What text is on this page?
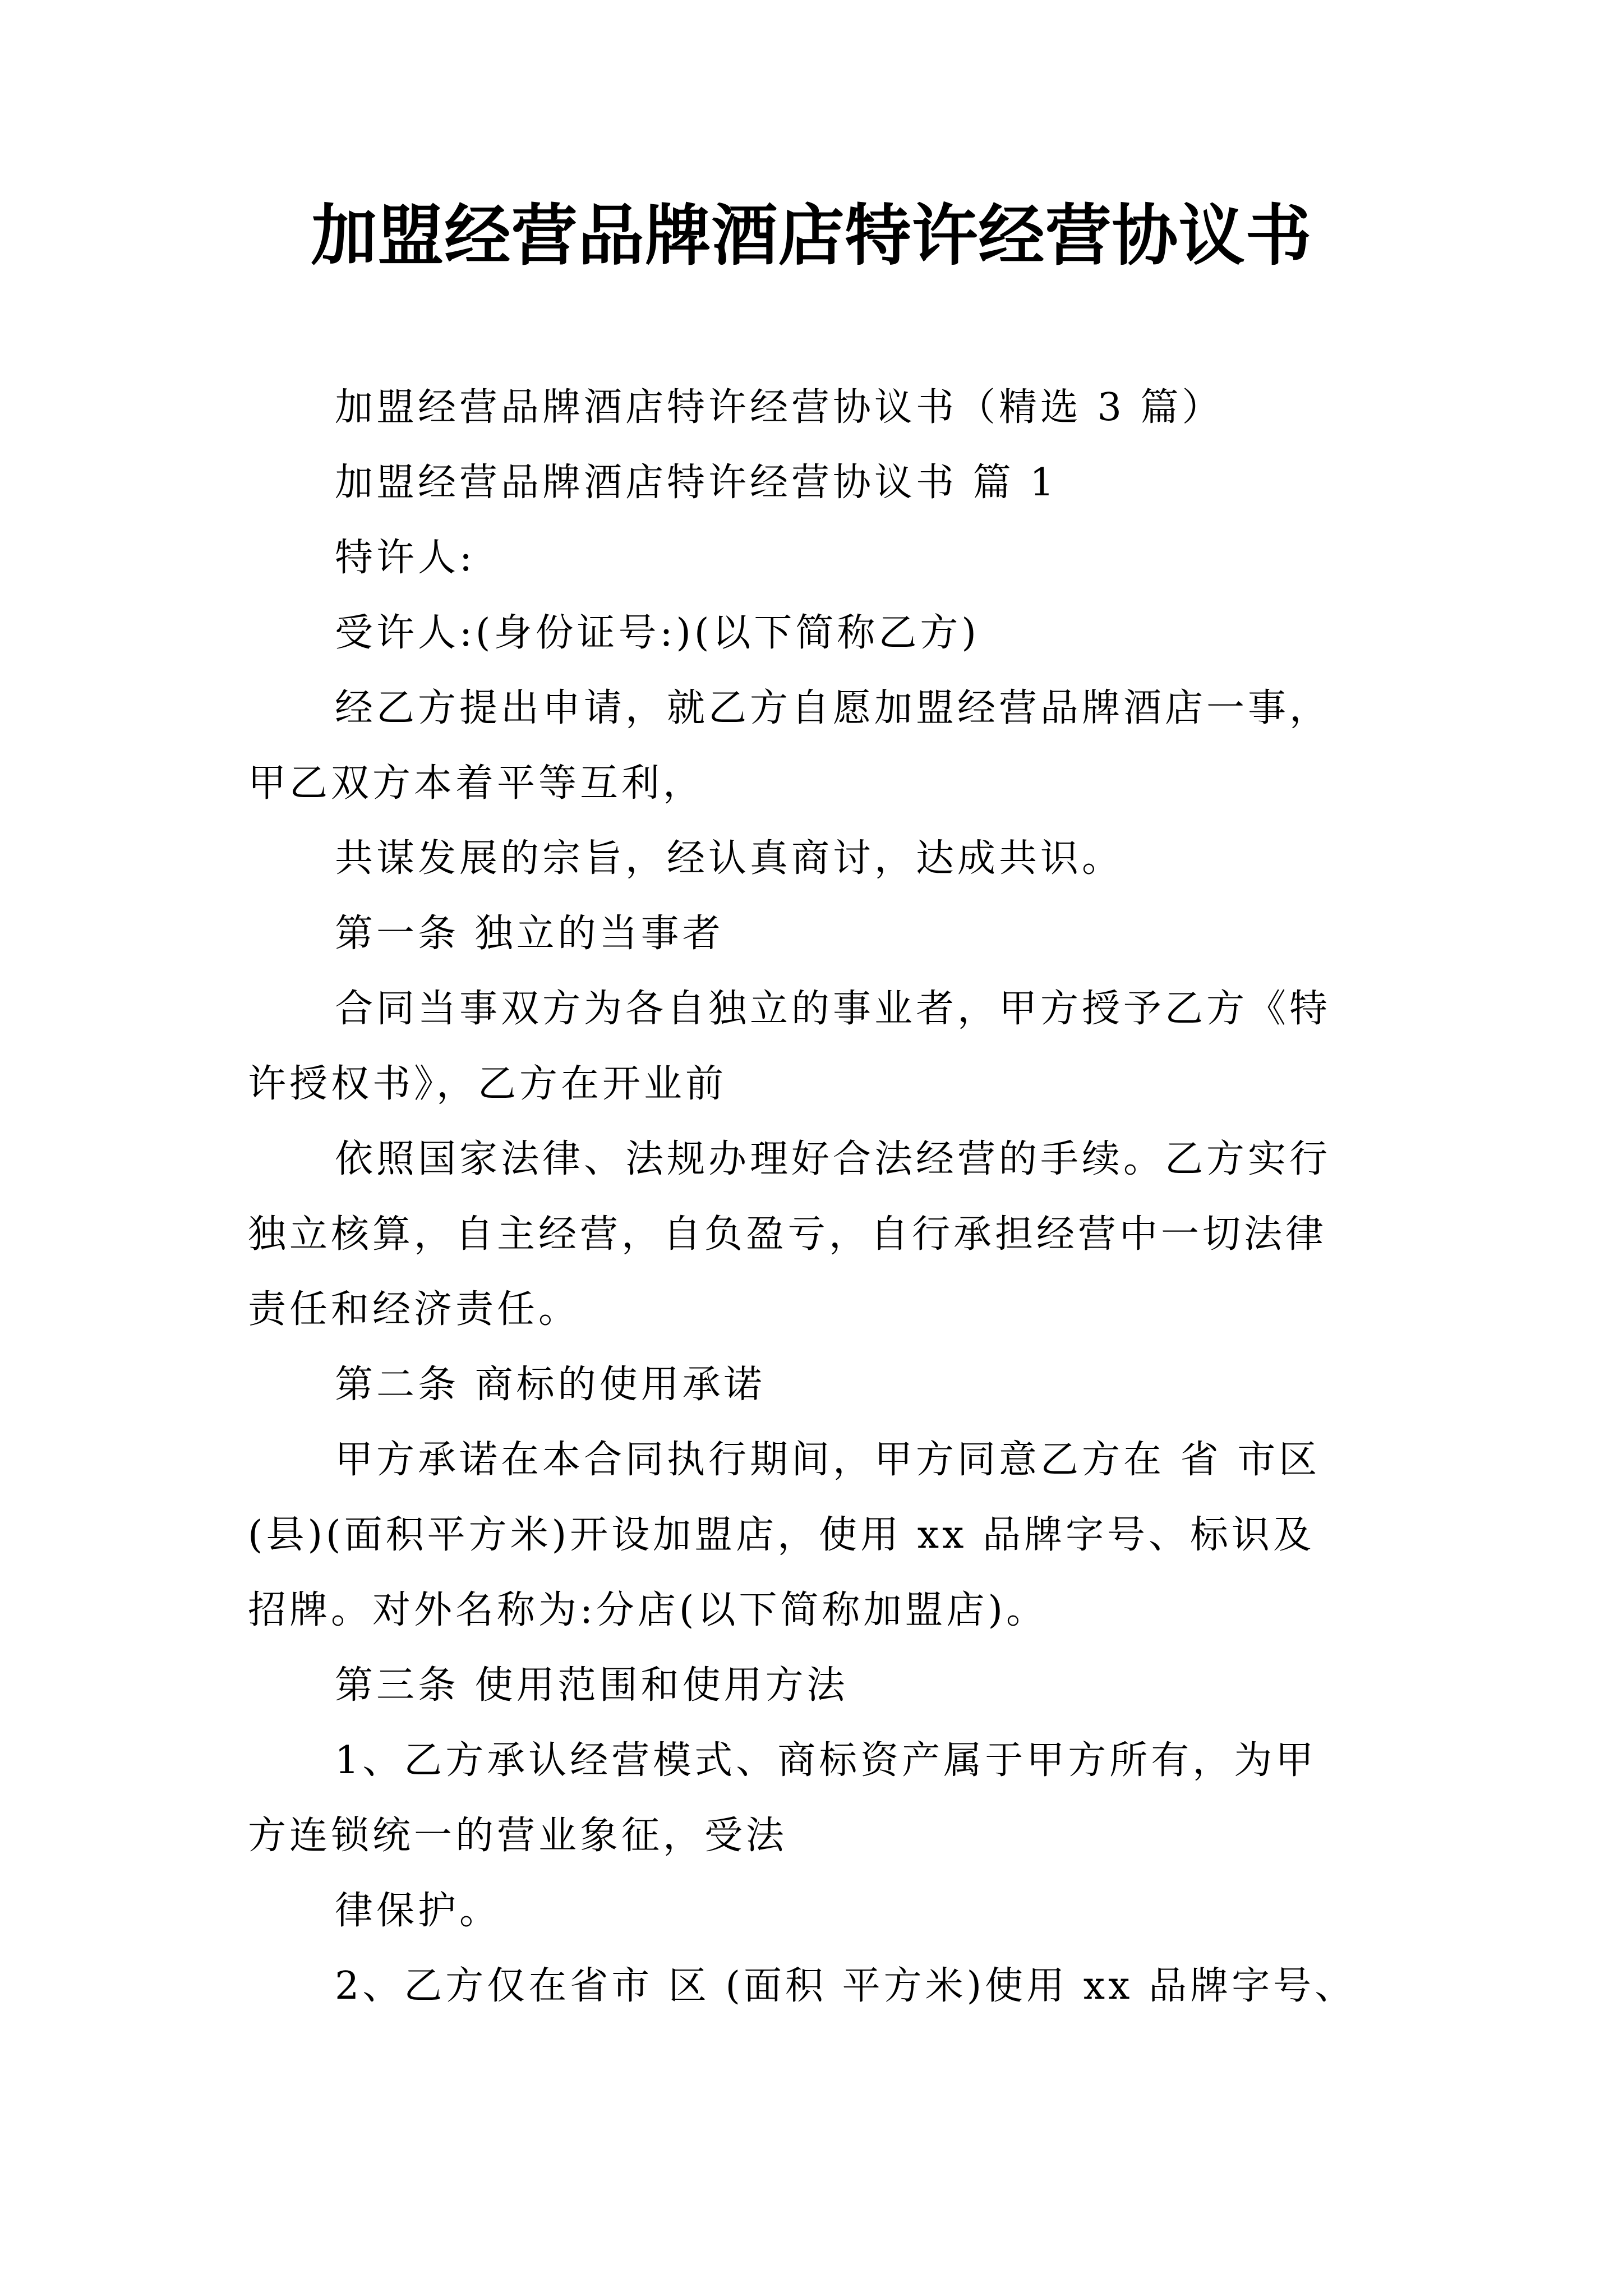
加盟经营品牌酒店特许经营协议书
加盟经营品牌酒店特许经营协议书（精选 3 篇）
加盟经营品牌酒店特许经营协议书 篇 1
特许人:
受许人:(身份证号:)(以下简称乙方)
经乙方提出申请，就乙方自愿加盟经营品牌酒店一事，
甲乙双方本着平等互利，
共谋发展的宗旨，经认真商讨，达成共识。
第一条 独立的当事者
合同当事双方为各自独立的事业者，甲方授予乙方《特
许授权书》，乙方在开业前
依照国家法律、法规办理好合法经营的手续。乙方实行
独立核算，自主经营，自负盈亏，自行承担经营中一切法律
责任和经济责任。
第二条 商标的使用承诺
甲方承诺在本合同执行期间，甲方同意乙方在 省 市区
(县)(面积平方米)开设加盟店，使用 xx 品牌字号、标识及
招牌。对外名称为:分店(以下简称加盟店)。
第三条 使用范围和使用方法
1、乙方承认经营模式、商标资产属于甲方所有，为甲
方连锁统一的营业象征，受法
律保护。
2、乙方仅在省市 区 (面积 平方米)使用 xx 品牌字号、
